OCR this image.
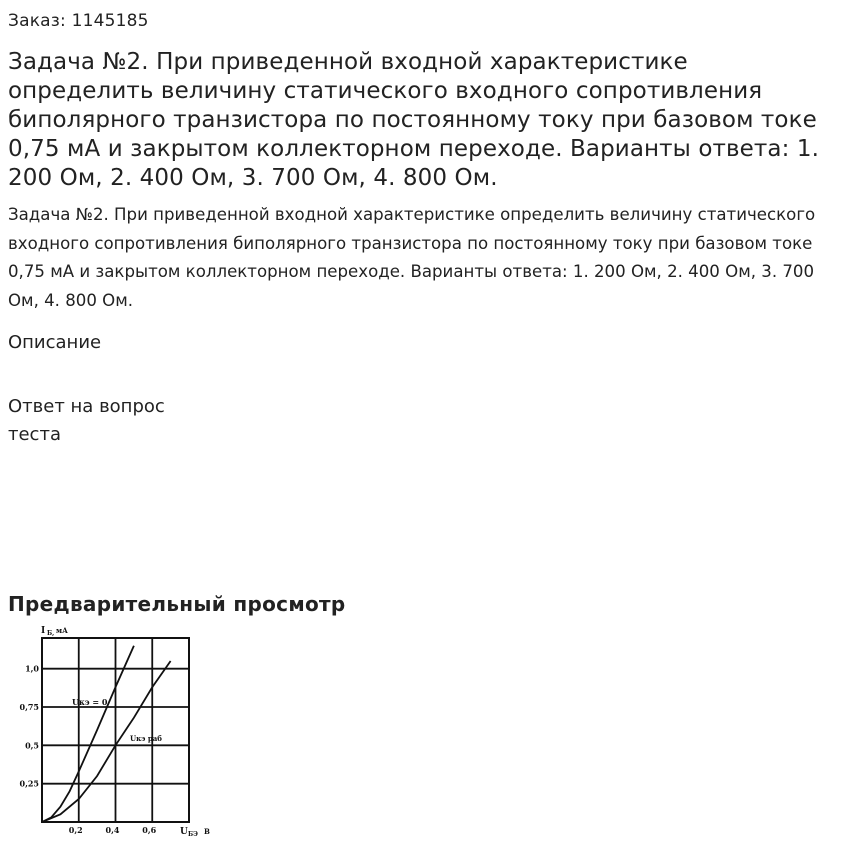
Заказ: 1145185
Задача №2. При приведенной входной характеристике определить величину статического входного сопротивления биполярного транзистора по постоянному току при базовом токе 0,75 мА и закрытом коллекторном переходе. Варианты ответа: 1. 200 Ом, 2. 400 Ом, 3. 700 Ом, 4. 800 Ом.

Задача №2. При приведенной входной характеристике определить величину статического входного сопротивления биполярного транзистора по постоянному току при базовом токе 0,75 мА и закрытом коллекторном переходе. Варианты ответа: 1. 200 Ом, 2. 400 Ом, 3. 700 Ом, 4. 800 Ом.

Описание
Ответ на вопрос теста
Предварительный просмотр
0,2	0,4	0,6
0,25
0,5
0,75
1,0
Uкэ = 0
Uкэ раб
I Б, мА
U БЭ В
